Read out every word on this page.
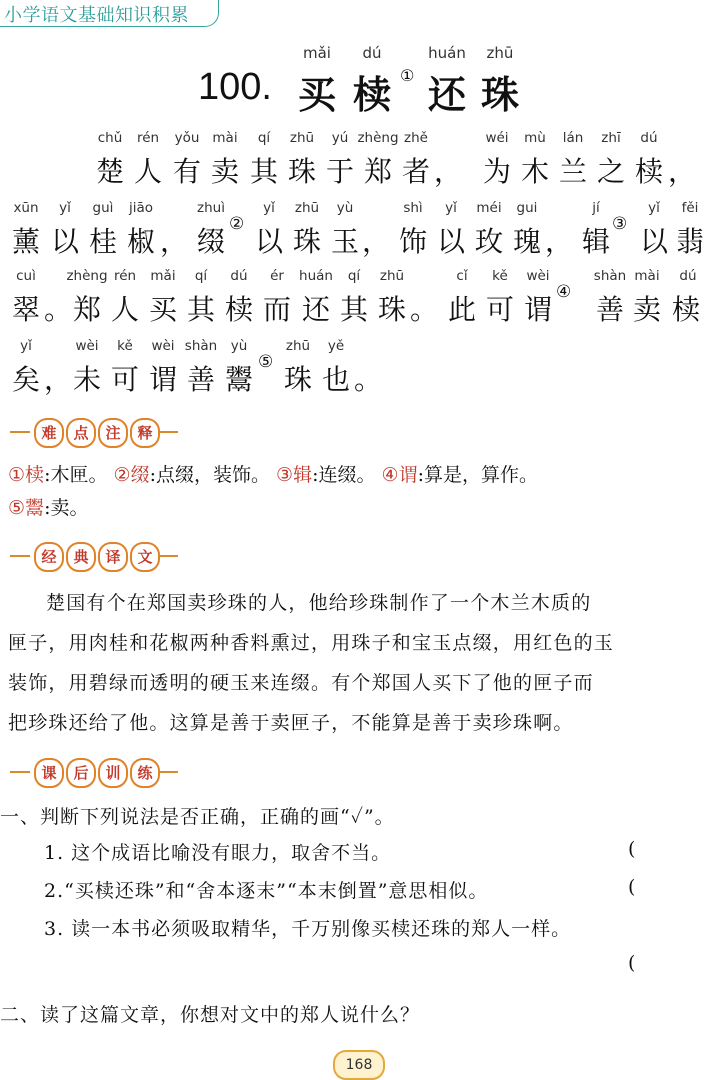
小学语文基础知识积累
mǎi	dú	huán	zhū
100. 买 椟 ① 还 珠
chǔ	rén	yǒu mài	qí	zhū	yú zhèng zhě	wéi	mù	lán	zhī	dú
楚 人 有 卖 其 珠 于 郑 者 ， 为 木 兰 之 椟 ，
xūn	yǐ	guì	jiāo	zhuì	yǐ	zhū	yù	shì	yǐ	méi	gui	jí	yǐ	fěi
薰 以 桂 椒 ， 缀
②
以 珠 玉 ， 饰 以 玫 瑰 ， 辑
③
以 翡
cuì	zhèng rén	mǎi	qí	dú	ér	huán	qí	zhū	cǐ	kě	wèi	shàn mài	dú
翠 。 郑 人 买 其 椟 而 还 其 珠 。 此 可 谓
④
善 卖 椟
yǐ	wèi	kě	wèi shàn	yù	zhū	yě
矣 ， 未 可 谓 善 鬻
⑤
珠 也 。
难	点	注	释
①椟:木匣。 ②缀:点缀，装饰。 ③辑:连缀。 ④谓:算是，算作。
⑤鬻:卖。
经	典	译	文
楚国有个在郑国卖珍珠的人，他给珍珠制作了一个木兰木质的
匣子，用肉桂和花椒两种香料熏过，用珠子和宝玉点缀，用红色的玉
装饰，用碧绿而透明的硬玉来连缀。有个郑国人买下了他的匣子而
把珍珠还给了他。这算是善于卖匣子，不能算是善于卖珍珠啊。
课	后	训	练
一、判断下列说法是否正确，正确的画“✓”。
1. 这个成语比喻没有眼力，取舍不当。	(
2.“买椟还珠”和“舍本逐末”“本末倒置”意思相似。	(
3. 读一本书必须吸取精华，千万别像买椟还珠的郑人一样。
(
二、读了这篇文章，你想对文中的郑人说什么？
168
